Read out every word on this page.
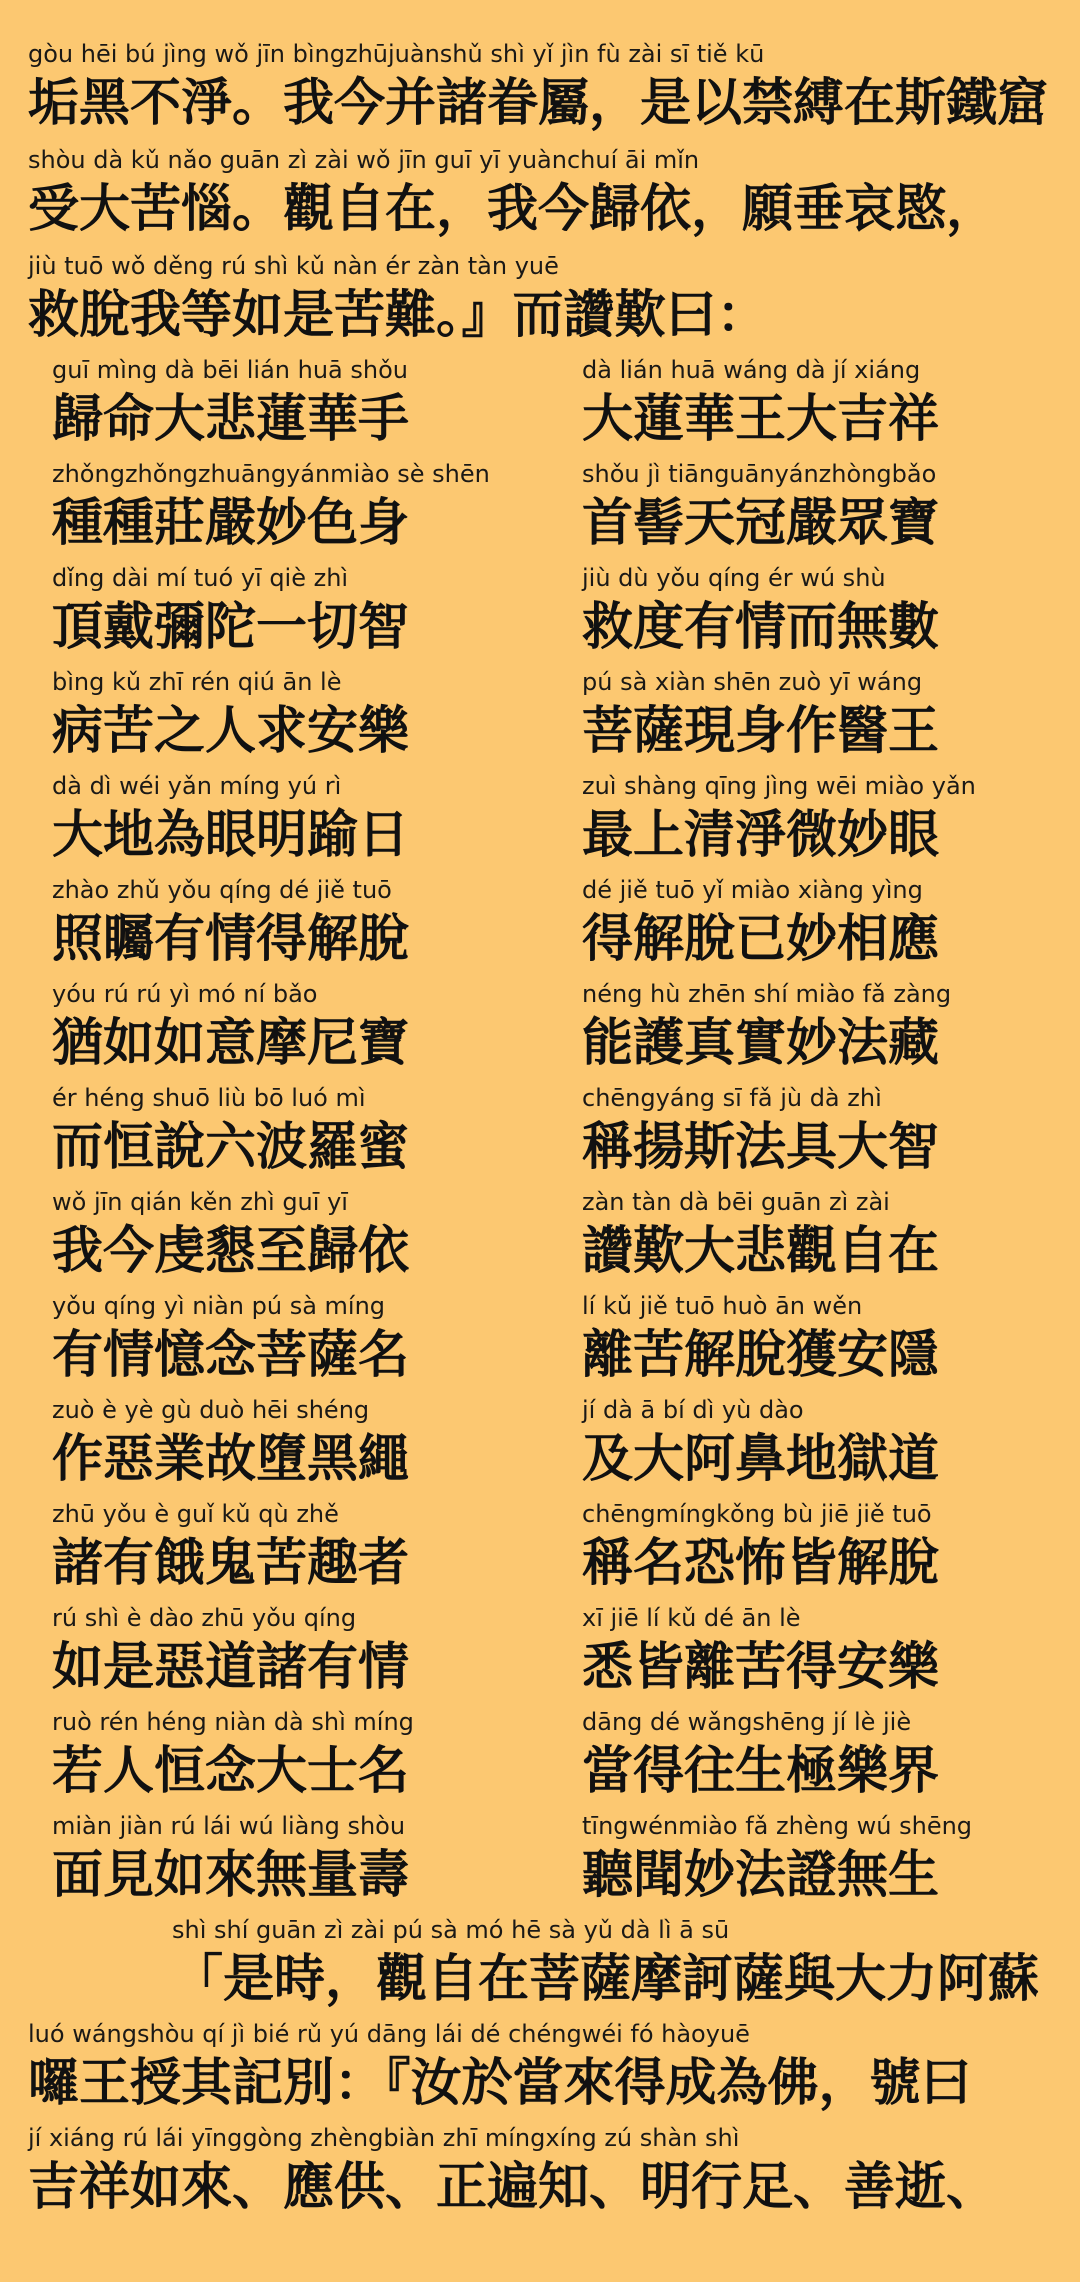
gòu hēi bú jìng wǒ jīn bìngzhūjuànshǔ shì yǐ jìn fù zài sī tiě kū
垢黑不淨。我今并諸眷屬，是以禁縛在斯鐵窟
shòu dà kǔ nǎo guān zì zài wǒ jīn guī yī yuànchuí āi mǐn
受大苦惱。觀自在，我今歸依，願垂哀愍，
jiù tuō wǒ děng rú shì kǔ nàn ér zàn tàn yuē
救脫我等如是苦難。』而讚歎曰：
guī mìng dà bēi lián huā shǒu
歸命大悲蓮華手
dà lián huā wáng dà jí xiáng
大蓮華王大吉祥
zhǒngzhǒngzhuāngyánmiào sè shēn
種種莊嚴妙色身
shǒu jì tiānguānyánzhòngbǎo
首髻天冠嚴眾寶
dǐng dài mí tuó yī qiè zhì
頂戴彌陀一切智
jiù dù yǒu qíng ér wú shù
救度有情而無數
bìng kǔ zhī rén qiú ān lè
病苦之人求安樂
pú sà xiàn shēn zuò yī wáng
菩薩現身作醫王
dà dì wéi yǎn míng yú rì
大地為眼明踰日
zuì shàng qīng jìng wēi miào yǎn
最上清淨微妙眼
zhào zhǔ yǒu qíng dé jiě tuō
照矚有情得解脫
dé jiě tuō yǐ miào xiàng yìng
得解脫已妙相應
yóu rú rú yì mó ní bǎo
猶如如意摩尼寶
néng hù zhēn shí miào fǎ zàng
能護真實妙法藏
ér héng shuō liù bō luó mì
而恒說六波羅蜜
chēngyáng sī fǎ jù dà zhì
稱揚斯法具大智
wǒ jīn qián kěn zhì guī yī
我今虔懇至歸依
zàn tàn dà bēi guān zì zài
讚歎大悲觀自在
yǒu qíng yì niàn pú sà míng
有情憶念菩薩名
lí kǔ jiě tuō huò ān wěn
離苦解脫獲安隱
zuò è yè gù duò hēi shéng
作惡業故墮黑繩
jí dà ā bí dì yù dào
及大阿鼻地獄道
zhū yǒu è guǐ kǔ qù zhě
諸有餓鬼苦趣者
chēngmíngkǒng bù jiē jiě tuō
稱名恐怖皆解脫
rú shì è dào zhū yǒu qíng
如是惡道諸有情
xī jiē lí kǔ dé ān lè
悉皆離苦得安樂
ruò rén héng niàn dà shì míng
若人恒念大士名
dāng dé wǎngshēng jí lè jiè
當得往生極樂界
miàn jiàn rú lái wú liàng shòu
面見如來無量壽
tīngwénmiào fǎ zhèng wú shēng
聽聞妙法證無生
shì shí guān zì zài pú sà mó hē sà yǔ dà lì ā sū
「是時，觀自在菩薩摩訶薩與大力阿蘇
luó wángshòu qí jì bié rǔ yú dāng lái dé chéngwéi fó hàoyuē
囉王授其記別：『汝於當來得成為佛，號曰
jí xiáng rú lái yīnggòng zhèngbiàn zhī míngxíng zú shàn shì
吉祥如來、應供、正遍知、明行足、善逝、
